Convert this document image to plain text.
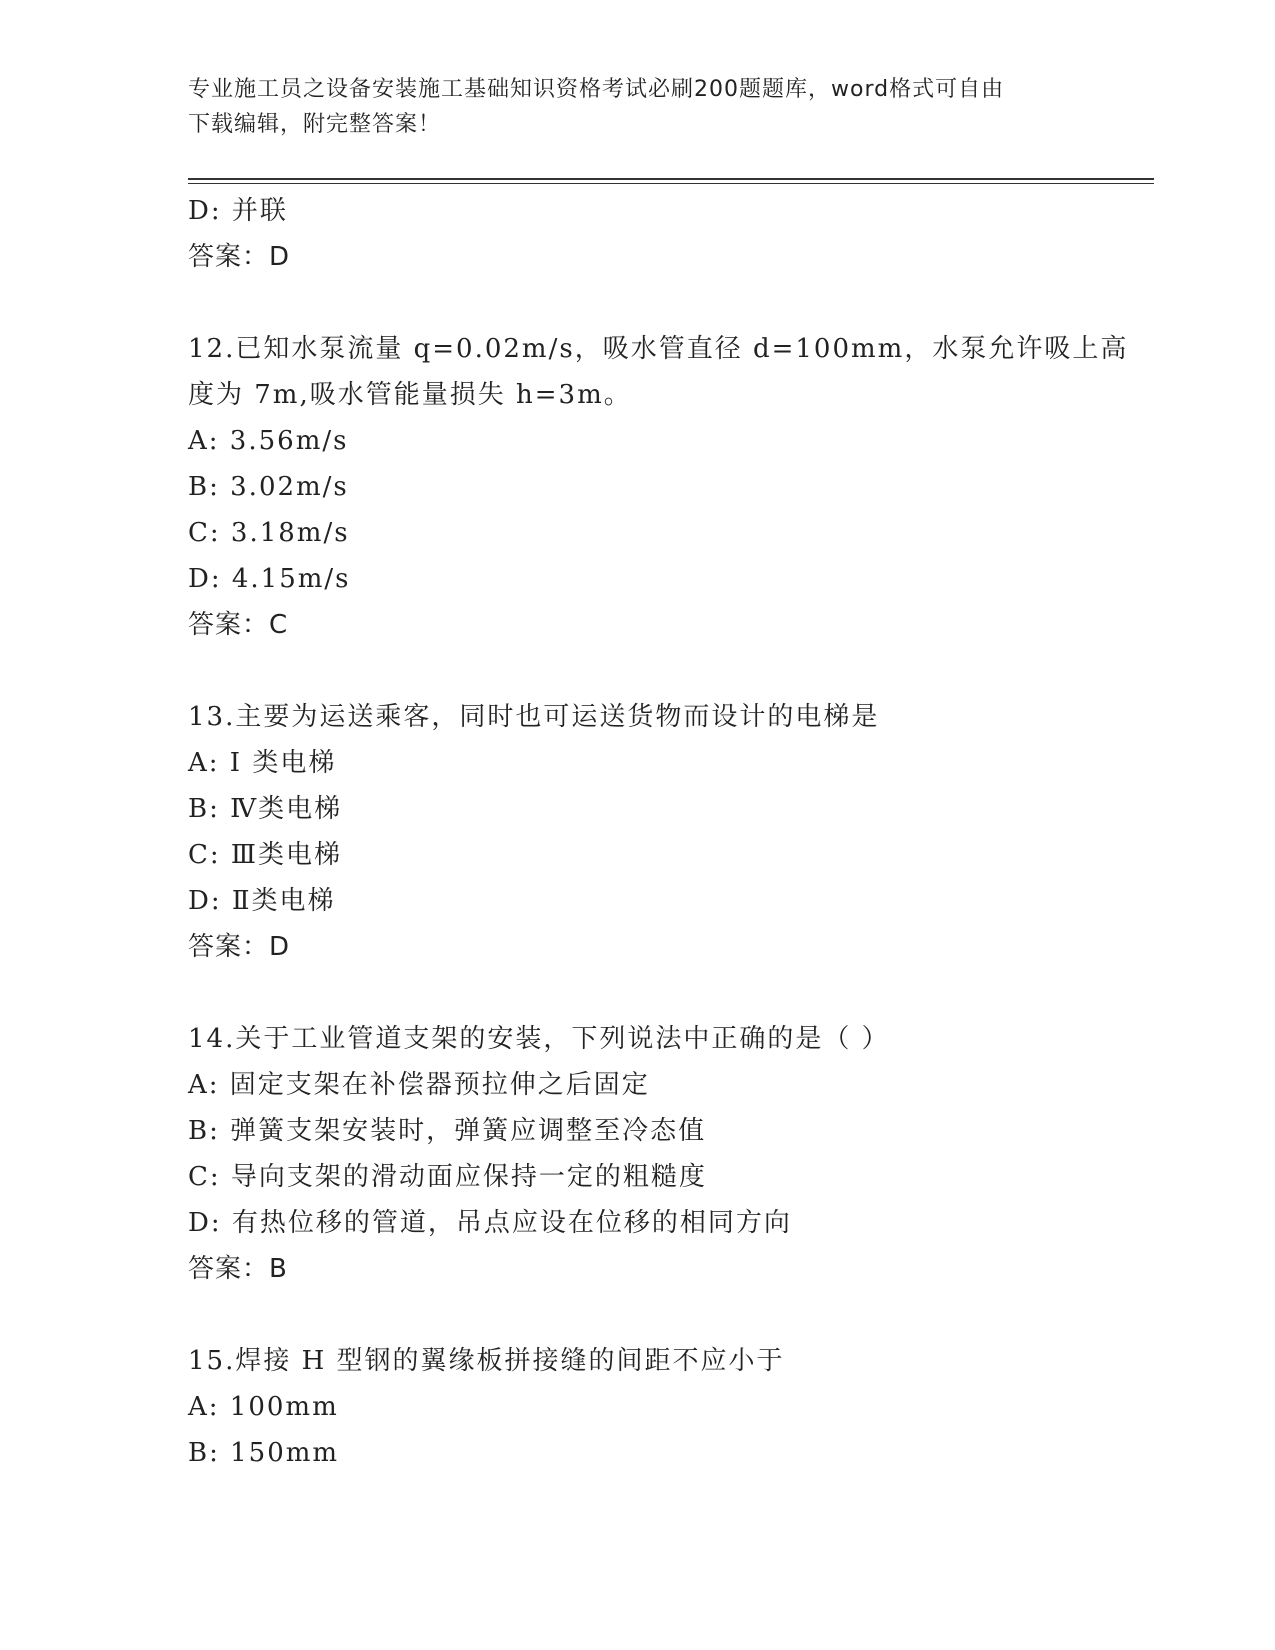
专业施工员之设备安装施工基础知识资格考试必刷200题题库，word格式可自由
下载编辑，附完整答案！
D: 并联
答案：D
12.已知水泵流量 q=0.02m/s，吸水管直径 d=100mm，水泵允许吸上高
度为 7m,吸水管能量损失 h=3m。
A: 3.56m/s
B: 3.02m/s
C: 3.18m/s
D: 4.15m/s
答案：C
13.主要为运送乘客，同时也可运送货物而设计的电梯是
A: I 类电梯
B: Ⅳ类电梯
C: Ⅲ类电梯
D: Ⅱ类电梯
答案：D
14.关于工业管道支架的安装，下列说法中正确的是（ ）
A: 固定支架在补偿器预拉伸之后固定
B: 弹簧支架安装时，弹簧应调整至冷态值
C: 导向支架的滑动面应保持一定的粗糙度
D: 有热位移的管道，吊点应设在位移的相同方向
答案：B
15.焊接 H 型钢的翼缘板拼接缝的间距不应小于
A: 100mm
B: 150mm
